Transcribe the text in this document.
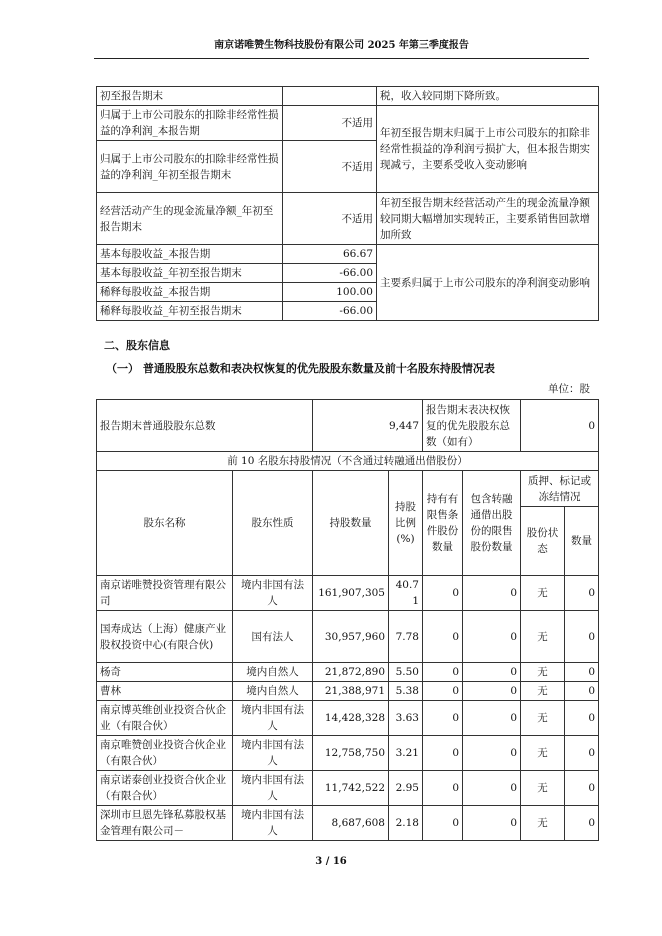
南京诺唯赞生物科技股份有限公司 2025 年第三季度报告
初至报告期末		税，收入较同期下降所致。
归属于上市公司股东的扣除非经常性损益的净利润_本报告期	不适用	年初至报告期末归属于上市公司股东的扣除非经常性损益的净利润亏损扩大，但本报告期实现减亏，主要系受收入变动影响
归属于上市公司股东的扣除非经常性损益的净利润_年初至报告期末	不适用	
经营活动产生的现金流量净额_年初至报告期末	不适用	年初至报告期末经营活动产生的现金流量净额较同期大幅增加实现转正，主要系销售回款增加所致
基本每股收益_本报告期	66.67	主要系归属于上市公司股东的净利润变动影响
基本每股收益_年初至报告期末	-66.00	
稀释每股收益_本报告期	100.00	
稀释每股收益_年初至报告期末	-66.00	
二、股东信息
（一） 普通股股东总数和表决权恢复的优先股股东数量及前十名股东持股情况表
单位：股
报告期末普通股股东总数		9,447		报告期末表决权恢复的优先股股东总数（如有）		0	
前 10 名股东持股情况（不含通过转融通出借股份）							
股东名称	股东性质	持股数量	持股比例(%)	持有有限售条件股份数量	包含转融通借出股份的限售股份数量	质押、标记或冻结情况	
						股份状态	数量
南京诺唯赞投资管理有限公司	境内非国有法人	161,907,305	40.71	0	0	无	0
国寿成达（上海）健康产业股权投资中心(有限合伙)	国有法人	30,957,960	7.78	0	0	无	0
杨奇	境内自然人	21,872,890	5.50	0	0	无	0
曹林	境内自然人	21,388,971	5.38	0	0	无	0
南京博英维创业投资合伙企业（有限合伙）	境内非国有法人	14,428,328	3.63	0	0	无	0
南京唯赞创业投资合伙企业（有限合伙）	境内非国有法人	12,758,750	3.21	0	0	无	0
南京诺泰创业投资合伙企业（有限合伙）	境内非国有法人	11,742,522	2.95	0	0	无	0
深圳市旦恩先锋私募股权基金管理有限公司－	境内非国有法人	8,687,608	2.18	0	0	无	0
3 / 16
